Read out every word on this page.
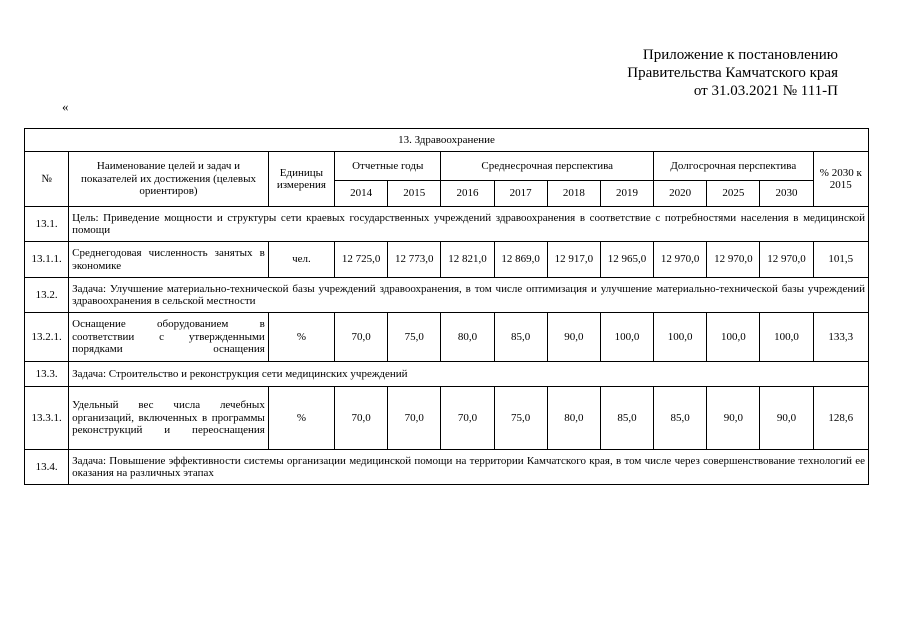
Приложение к постановлению
Правительства Камчатского края
от 31.03.2021 № 111-П
«
13. Здравоохранение												
№	Наименование целей и задач и показателей их достижения (целевых ориентиров)	Единицы измерения	Отчетные годы		Среднесрочная перспектива				Долгосрочная перспектива			% 2030 к 2015
			2014	2015	2016	2017	2018	2019	2020	2025	2030	
13.1.	Цель: Приведение мощности и структуры сети краевых государственных учреждений здравоохранения в соответствие с потребностями населения в медицинской помощи											
13.1.1.	Среднегодовая численность занятых в экономике	чел.	12 725,0	12 773,0	12 821,0	12 869,0	12 917,0	12 965,0	12 970,0	12 970,0	12 970,0	101,5
13.2.	Задача: Улучшение материально-технической базы учреждений здравоохранения, в том числе оптимизация и улучшение материально-технической базы учреждений здравоохранения в сельской местности											
13.2.1.	Оснащение оборудованием в соответствии с утвержденными порядками оснащения	%	70,0	75,0	80,0	85,0	90,0	100,0	100,0	100,0	100,0	133,3
13.3.	Задача: Строительство и реконструкция сети медицинских учреждений											
13.3.1.	Удельный вес числа лечебных организаций, включенных в программы реконструкций и переоснащения	%	70,0	70,0	70,0	75,0	80,0	85,0	85,0	90,0	90,0	128,6
13.4.	Задача: Повышение эффективности системы организации медицинской помощи на территории Камчатского края, в том числе через совершенствование технологий ее оказания на различных этапах											
